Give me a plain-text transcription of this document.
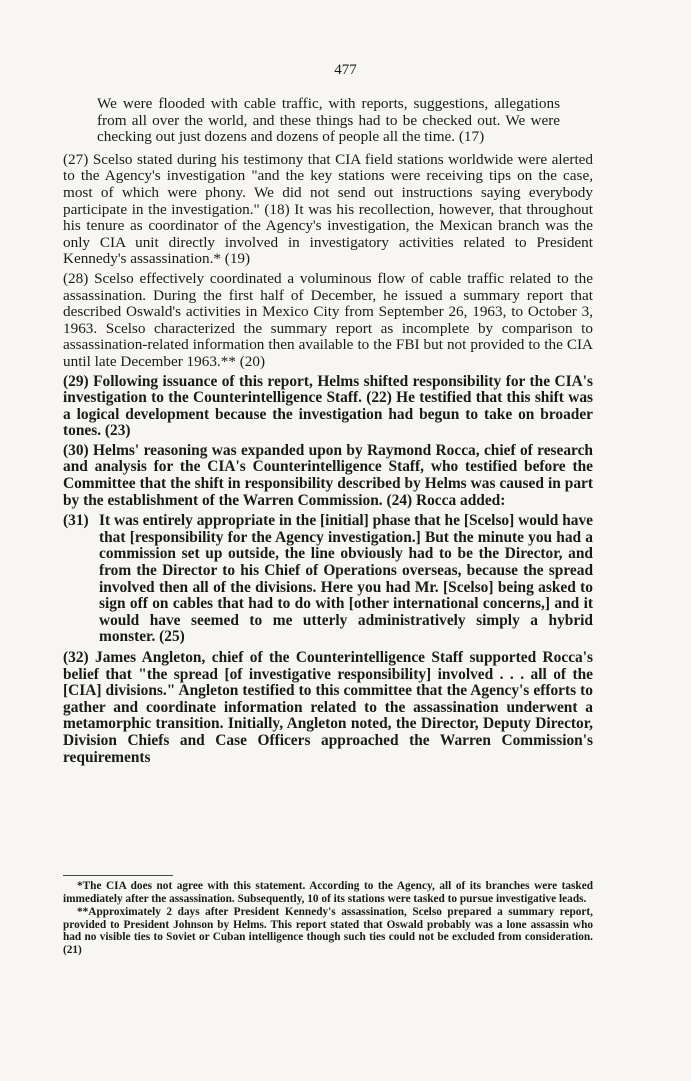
477

We were flooded with cable traffic, with reports, suggestions, allegations from all over the world, and these things had to be checked out. We were checking out just dozens and dozens of people all the time. (17)

(27) Scelso stated during his testimony that CIA field stations worldwide were alerted to the Agency's investigation "and the key stations were receiving tips on the case, most of which were phony. We did not send out instructions saying everybody participate in the investigation." (18) It was his recollection, however, that throughout his tenure as coordinator of the Agency's investigation, the Mexican branch was the only CIA unit directly involved in investigatory activities related to President Kennedy's assassination.* (19)

(28) Scelso effectively coordinated a voluminous flow of cable traffic related to the assassination. During the first half of December, he issued a summary report that described Oswald's activities in Mexico City from September 26, 1963, to October 3, 1963. Scelso characterized the summary report as incomplete by comparison to assassination-related information then available to the FBI but not provided to the CIA until late December 1963.** (20)

(29) Following issuance of this report, Helms shifted responsibility for the CIA's investigation to the Counterintelligence Staff. (22) He testified that this shift was a logical development because the investigation had begun to take on broader tones. (23)

(30) Helms' reasoning was expanded upon by Raymond Rocca, chief of research and analysis for the CIA's Counterintelligence Staff, who testified before the Committee that the shift in responsibility described by Helms was caused in part by the establishment of the Warren Commission. (24) Rocca added:

(31) It was entirely appropriate in the [initial] phase that he [Scelso] would have that [responsibility for the Agency investigation.] But the minute you had a commission set up outside, the line obviously had to be the Director, and from the Director to his Chief of Operations overseas, because the spread involved then all of the divisions. Here you had Mr. [Scelso] being asked to sign off on cables that had to do with [other international concerns,] and it would have seemed to me utterly administratively simply a hybrid monster. (25)

(32) James Angleton, chief of the Counterintelligence Staff supported Rocca's belief that "the spread [of investigative responsibility] involved . . . all of the [CIA] divisions." Angleton testified to this committee that the Agency's efforts to gather and coordinate information related to the assassination underwent a metamorphic transition. Initially, Angleton noted, the Director, Deputy Director, Division Chiefs and Case Officers approached the Warren Commission's requirements

*The CIA does not agree with this statement. According to the Agency, all of its branches were tasked immediately after the assassination. Subsequently, 10 of its stations were tasked to pursue investigative leads.

**Approximately 2 days after President Kennedy's assassination, Scelso prepared a summary report, provided to President Johnson by Helms. This report stated that Oswald probably was a lone assassin who had no visible ties to Soviet or Cuban intelligence though such ties could not be excluded from consideration. (21)
